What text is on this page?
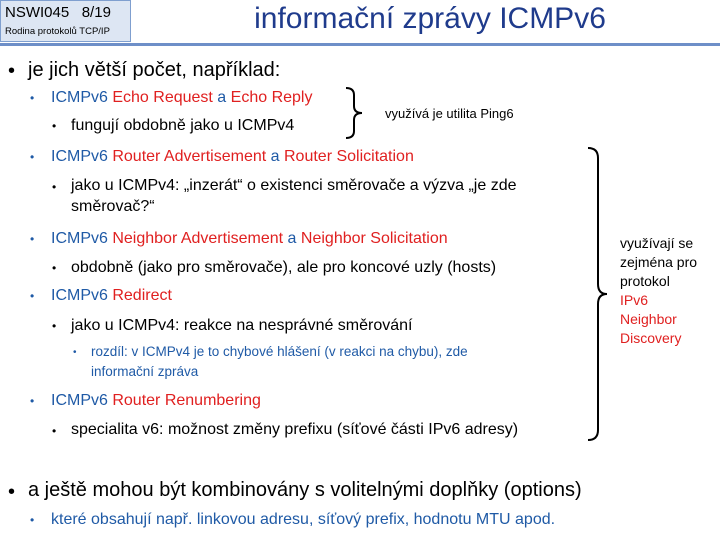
NSWI045 8/19
Rodina protokolů TCP/IP	informační zprávy ICMPv6
• je jich větší počet, například:
• ICMPv6 Echo Request a Echo Reply
• fungují obdobně jako u ICMPv4
• ICMPv6 Router Advertisement a Router Solicitation
• jako u ICMPv4: „inzerát“ o existenci směrovače a výzva „je zde
směrovač?“
• ICMPv6 Neighbor Advertisement a Neighbor Solicitation
• obdobně (jako pro směrovače), ale pro koncové uzly (hosts)
• ICMPv6 Redirect
• jako u ICMPv4: reakce na nesprávné směrování
• rozdíl: v ICMPv4 je to chybové hlášení (v reakci na chybu), zde
informační zpráva
• ICMPv6 Router Renumbering
• specialita v6: možnost změny prefixu (síťové části IPv6 adresy)
• a ještě mohou být kombinovány s volitelnými doplňky (options)
• které obsahují např. linkovou adresu, síťový prefix, hodnotu MTU apod.
využívá je utilita Ping6
využívají se
zejména pro
protokol
IPv6
Neighbor
Discovery
